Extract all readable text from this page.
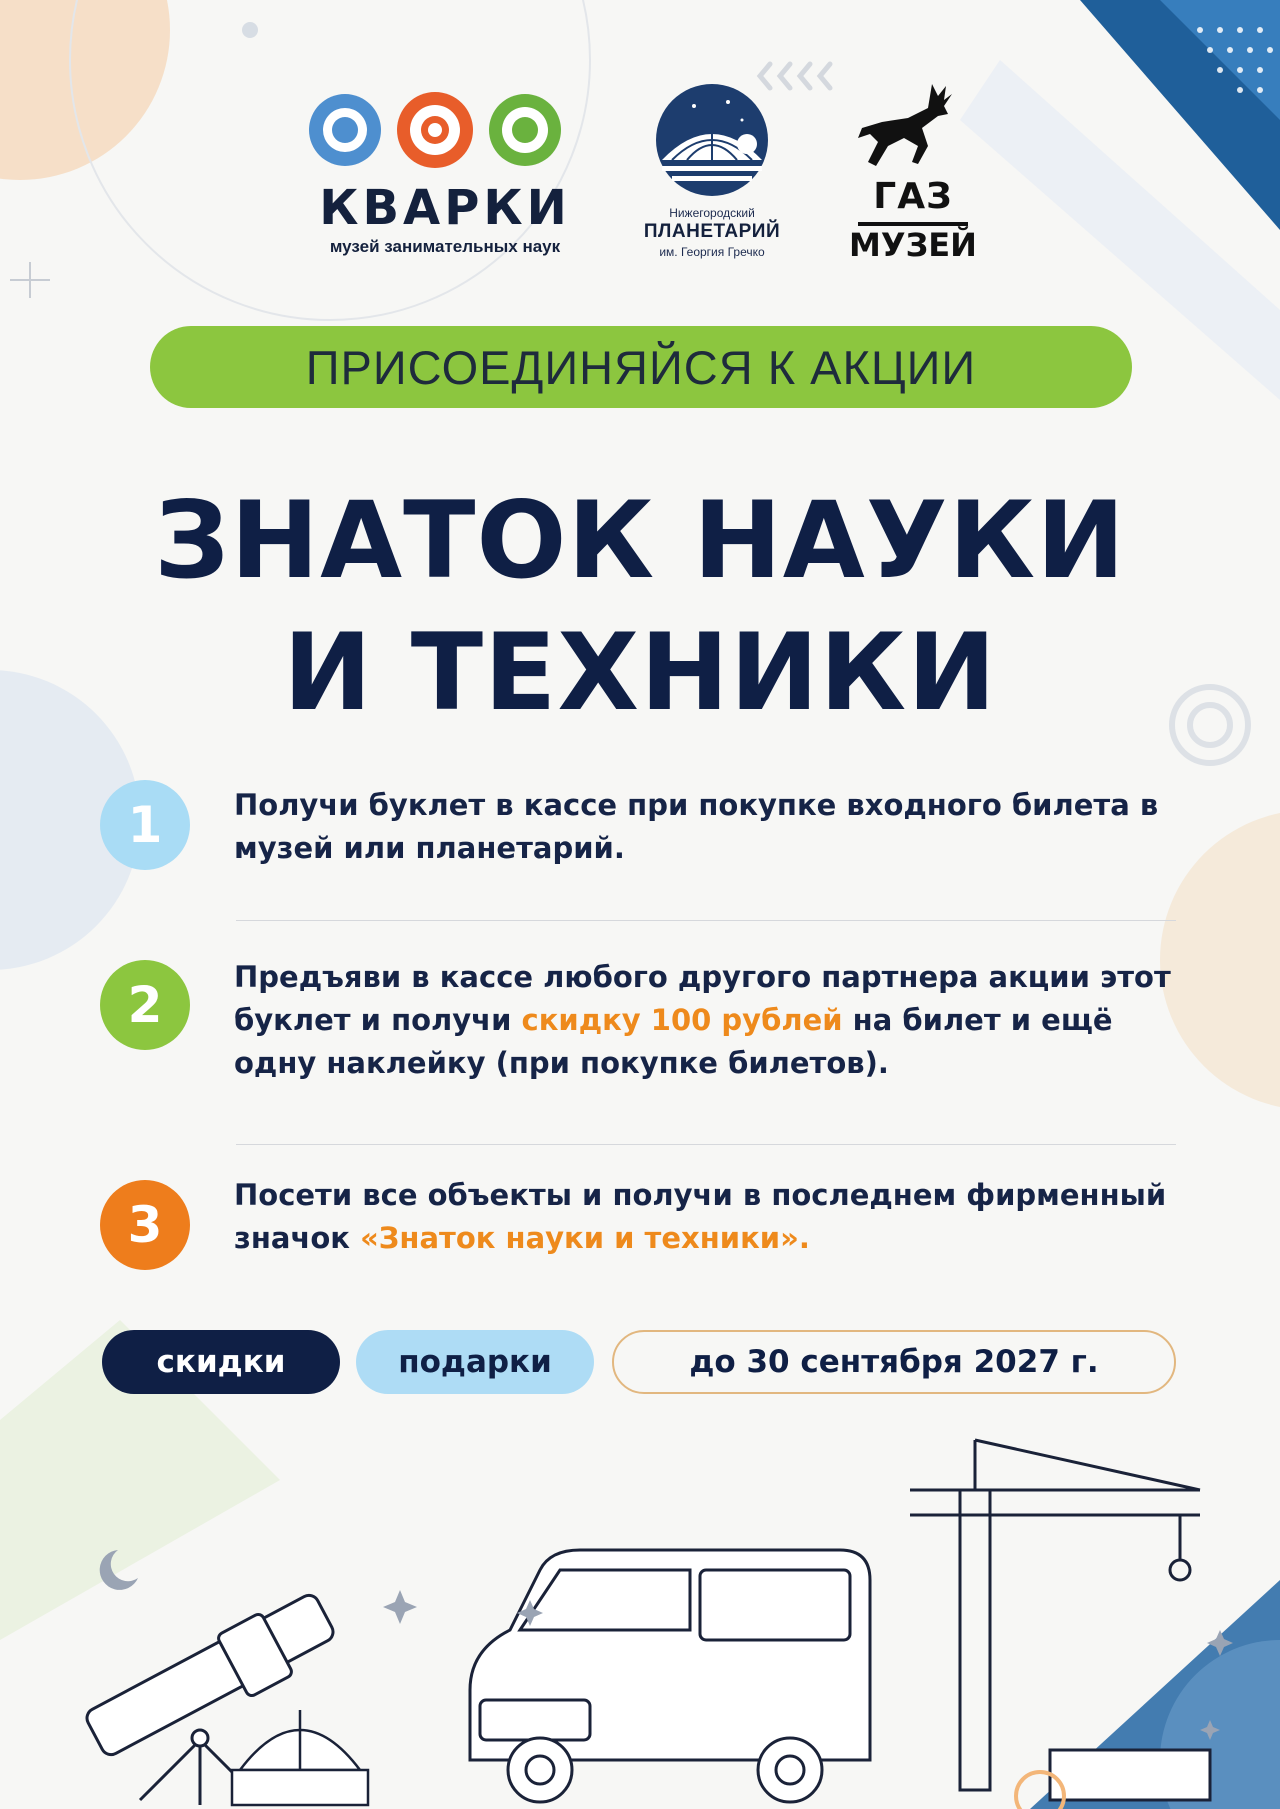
КВАРКИ
музей занимательных наук
Нижегородский
ПЛАНЕТАРИЙ
им. Георгия Гречко
ГАЗ
МУЗЕЙ
ПРИСОЕДИНЯЙСЯ К АКЦИИ
ЗНАТОК НАУКИ
И ТЕХНИКИ
1	Получи буклет в кассе при покупке входного билета в музей или планетарий.
2	Предъяви в кассе любого другого партнера акции этот буклет и получи скидку 100 рублей на билет и ещё одну наклейку (при покупке билетов).
3
Посети все объекты и получи в последнем фирменный значок «Знаток науки и техники».
скидки	подарки	до 30 сентября 2027 г.
